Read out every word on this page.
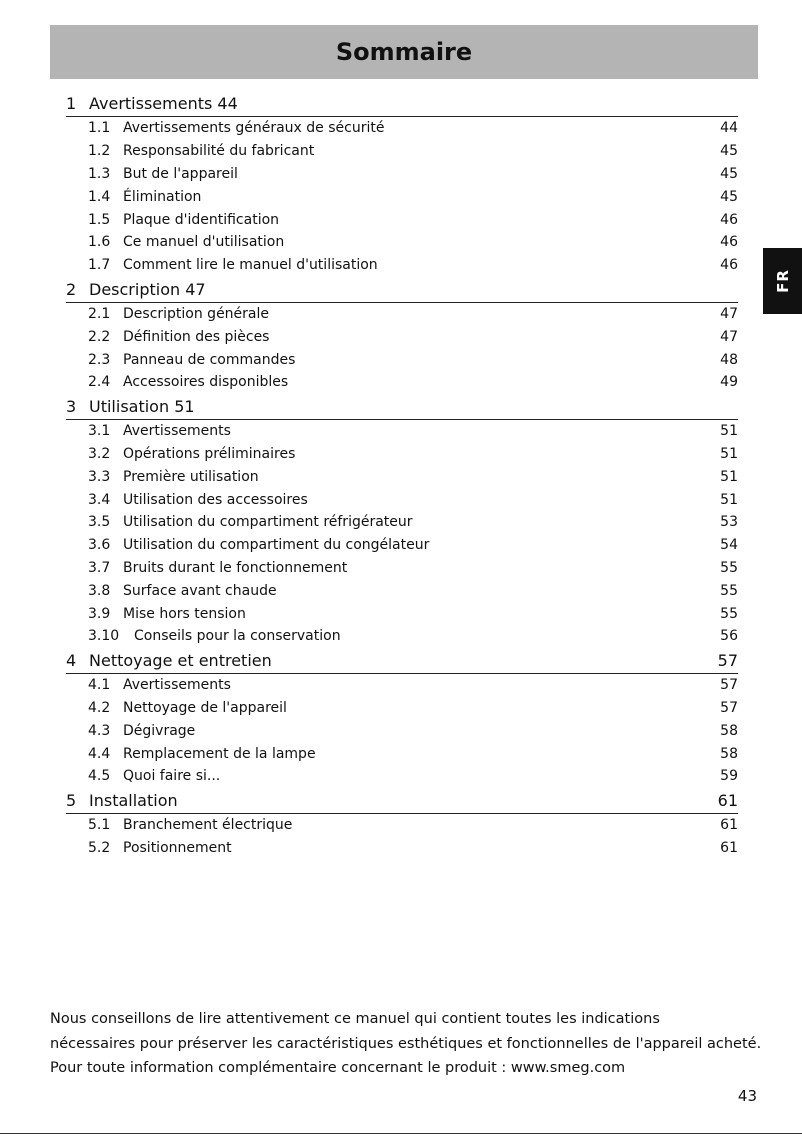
Sommaire
FR
1 Avertissements 44
1.1 Avertissements généraux de sécurité	44
1.2 Responsabilité du fabricant	45
1.3 But de l'appareil	45
1.4 Élimination	45
1.5 Plaque d'identification	46
1.6 Ce manuel d'utilisation	46
1.7 Comment lire le manuel d'utilisation	46
2 Description 47
2.1 Description générale	47
2.2 Définition des pièces	47
2.3 Panneau de commandes	48
2.4 Accessoires disponibles	49
3 Utilisation 51
3.1 Avertissements	51
3.2 Opérations préliminaires	51
3.3 Première utilisation	51
3.4 Utilisation des accessoires	51
3.5 Utilisation du compartiment réfrigérateur	53
3.6 Utilisation du compartiment du congélateur	54
3.7 Bruits durant le fonctionnement	55
3.8 Surface avant chaude	55
3.9 Mise hors tension	55
3.10	Conseils pour la conservation	56
4 Nettoyage et entretien	57
4.1 Avertissements	57
4.2 Nettoyage de l'appareil	57
4.3 Dégivrage	58
4.4 Remplacement de la lampe	58
4.5 Quoi faire si...	59
5 Installation	61
5.1 Branchement électrique	61
5.2 Positionnement	61

Nous conseillons de lire attentivement ce manuel qui contient toutes les indications

nécessaires pour préserver les caractéristiques esthétiques et fonctionnelles de l'appareil acheté.

Pour toute information complémentaire concernant le produit : www.smeg.com

43
